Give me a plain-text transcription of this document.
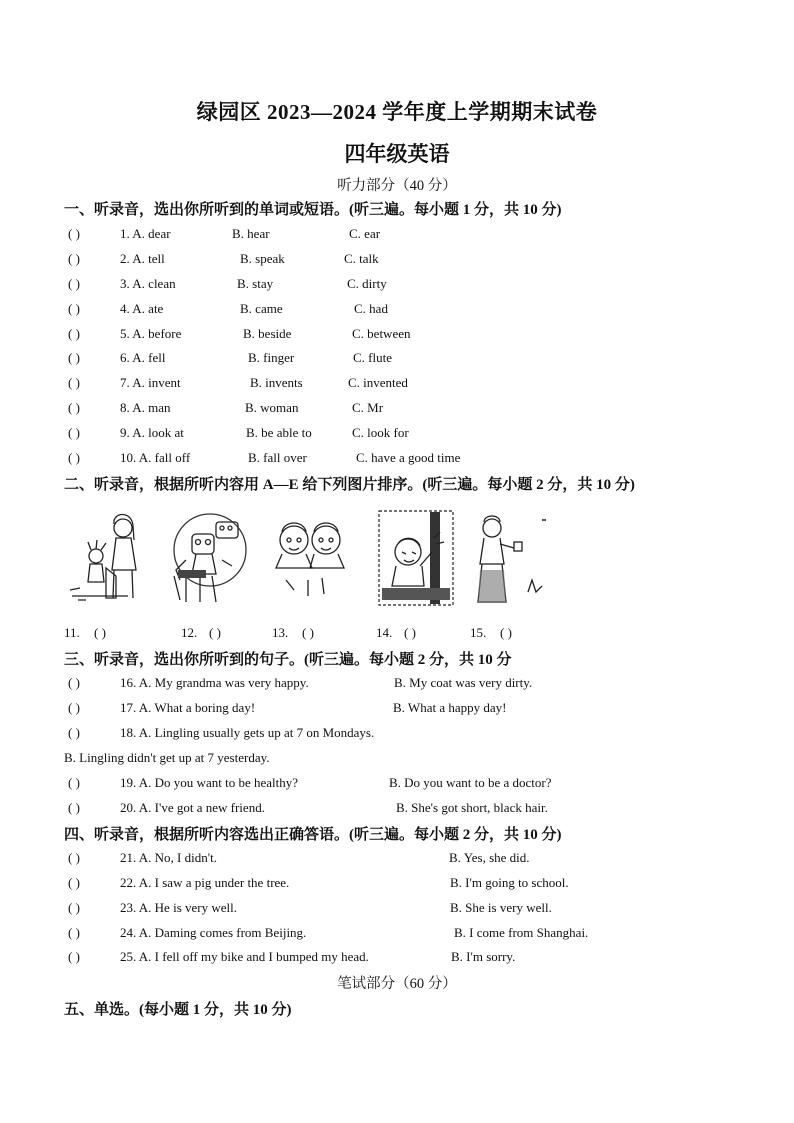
绿园区 2023—2024 学年度上学期期末试卷
四年级英语
听力部分（40 分）
一、听录音，选出你所听到的单词或短语。(听三遍。每小题 1 分，共 10 分)
( )	1. A. dear	B. hear	C. ear
( )	2. A. tell	B. speak	C. talk
( )	3. A. clean	B. stay	C. dirty
( )	4. A. ate	B. came	C. had
( )	5. A. before	B. beside	C. between
( )	6. A. fell	B. finger	C. flute
( )	7. A. invent	B. invents	C. invented
( )	8. A. man	B. woman	C. Mr
( )	9. A. look at	B. be able to	C. look for
( )	10. A. fall off	B. fall over	C. have a good time
二、听录音，根据所听内容用 A—E 给下列图片排序。(听三遍。每小题 2 分，共 10 分)
11. ( )	12. ( )	13. ( )	14. ( )	15. ( )
三、听录音，选出你所听到的句子。(听三遍。每小题 2 分，共 10 分
( )	16. A. My grandma was very happy.	B. My coat was very dirty.
( )	17. A. What a boring day!	B. What a happy day!
( )	18. A. Lingling usually gets up at 7 on Mondays.
B. Lingling didn't get up at 7 yesterday.
( )	19. A. Do you want to be healthy?	B. Do you want to be a doctor?
( )	20. A. I've got a new friend.	B. She's got short, black hair.
四、听录音，根据所听内容选出正确答语。(听三遍。每小题 2 分，共 10 分)
( )	21. A. No, I didn't.	B. Yes, she did.
( )	22. A. I saw a pig under the tree.	B. I'm going to school.
( )	23. A. He is very well.	B. She is very well.
( )	24. A. Daming comes from Beijing.	B. I come from Shanghai.
( )	25. A. I fell off my bike and I bumped my head.	B. I'm sorry.
笔试部分（60 分）
五、单选。(每小题 1 分，共 10 分)
